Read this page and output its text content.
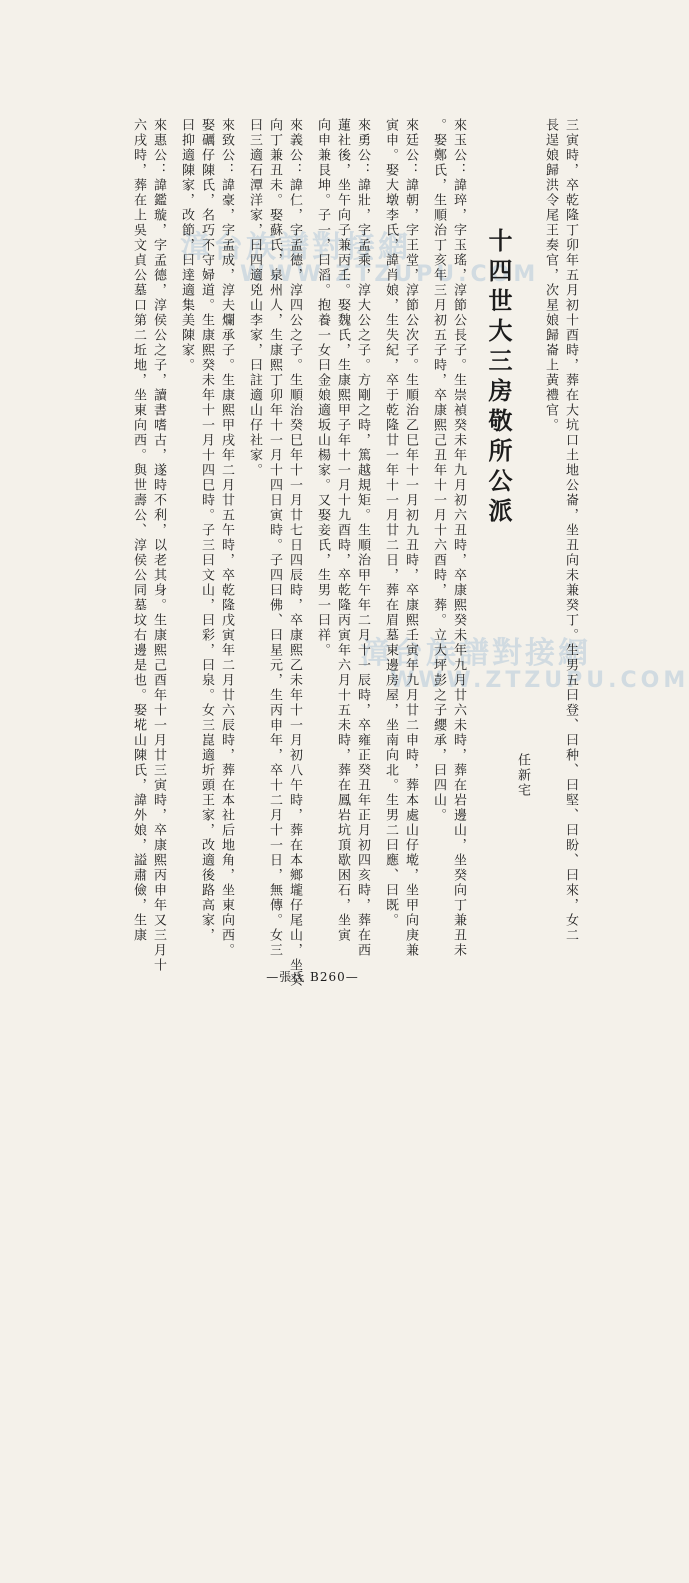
漳台族譜對接網
WWW.ZTZUPU.COM
漳台族譜對接網
WWW.ZTZUPU.COM
三寅時，卒乾隆丁卯年五月初十酉時，葬在大坑口土地公崙，坐丑向未兼癸丁。生男五曰登、曰种、曰堅、曰盼、曰來，女二
長逞娘歸洪令尾王奏官，次星娘歸崙上黃禮官。
任新宅
十四世大三房敬所公派
來玉公：諱琗，字玉瑤，淳節公長子。生崇禎癸未年九月初六丑時，卒康熙癸未年九月廿六未時，葬在岩邊山，坐癸向丁兼丑未
。娶鄭氏，生順治丁亥年三月初五子時，卒康熙己丑年十一月十六酉時，葬。立大坪彭之子纓承，曰四山。
來廷公：諱朝，字王堂，淳節公次子。生順治乙巳年十一月初九丑時，卒康熙壬寅年九月廿二申時，葬本處山仔墘，坐甲向庚兼
寅申。娶大墩李氏，諱肖娘，生失紀，卒于乾隆廿一年十一月廿二日，葬在眉墓東邊房屋，坐南向北。生男二曰應、曰既。
來勇公：諱壯，字孟乘，淳大公之子。方剛之時，篤越規矩。生順治甲午年二月十一辰時，卒雍正癸丑年正月初四亥時，葬在西
蓮社後，坐午向子兼丙壬。娶魏氏，生康熙甲子年十一月十九酉時，卒乾隆丙寅年六月十五未時，葬在鳳岩坑頂歇困石，坐寅
向申兼艮坤。子一，曰滔。抱養一女曰金娘適坂山楊家。又娶妾氏，生男一曰祥。
來義公：諱仁，字孟德，淳四公之子。生順治癸巳年十一月廿七日四辰時，卒康熙乙未年十一月初八午時，葬在本鄉壠仔尾山，坐癸
向丁兼丑未。娶蘇氏，泉州人，生康熙丁卯年十一月十四日寅時。子四曰佛、曰星元，生丙申年，卒十二月十一日，無傳。女三
曰三適石潭洋家，曰四適兇山李家，曰註適山仔社家。
來致公：諱豪，字孟成，淳夫爛承子。生康熙甲戌年二月廿五午時，卒乾隆戊寅年二月廿六辰時，葬在本社后地角，坐東向西。
娶礪仔陳氏，名巧不守婦道。生康熙癸未年十一月十四巳時。子三曰文山，曰彩，曰泉。女三崑適圻頭王家，改適後路高家，
曰抑適陳家，改節，曰達適集美陳家。
來惠公：諱鑑璇，字孟德，淳侯公之子，讀書嗜古，遂時不利，以老其身。生康熙己酉年十一月廿三寅時，卒康熙丙申年又三月十
六戌時，葬在上吳文貞公墓口第二坵地，坐東向西。與世壽公、淳侯公同墓坟右邊是也。娶埖山陳氏，諱外娘，謚肅儉，生康
—張氏 B260—
